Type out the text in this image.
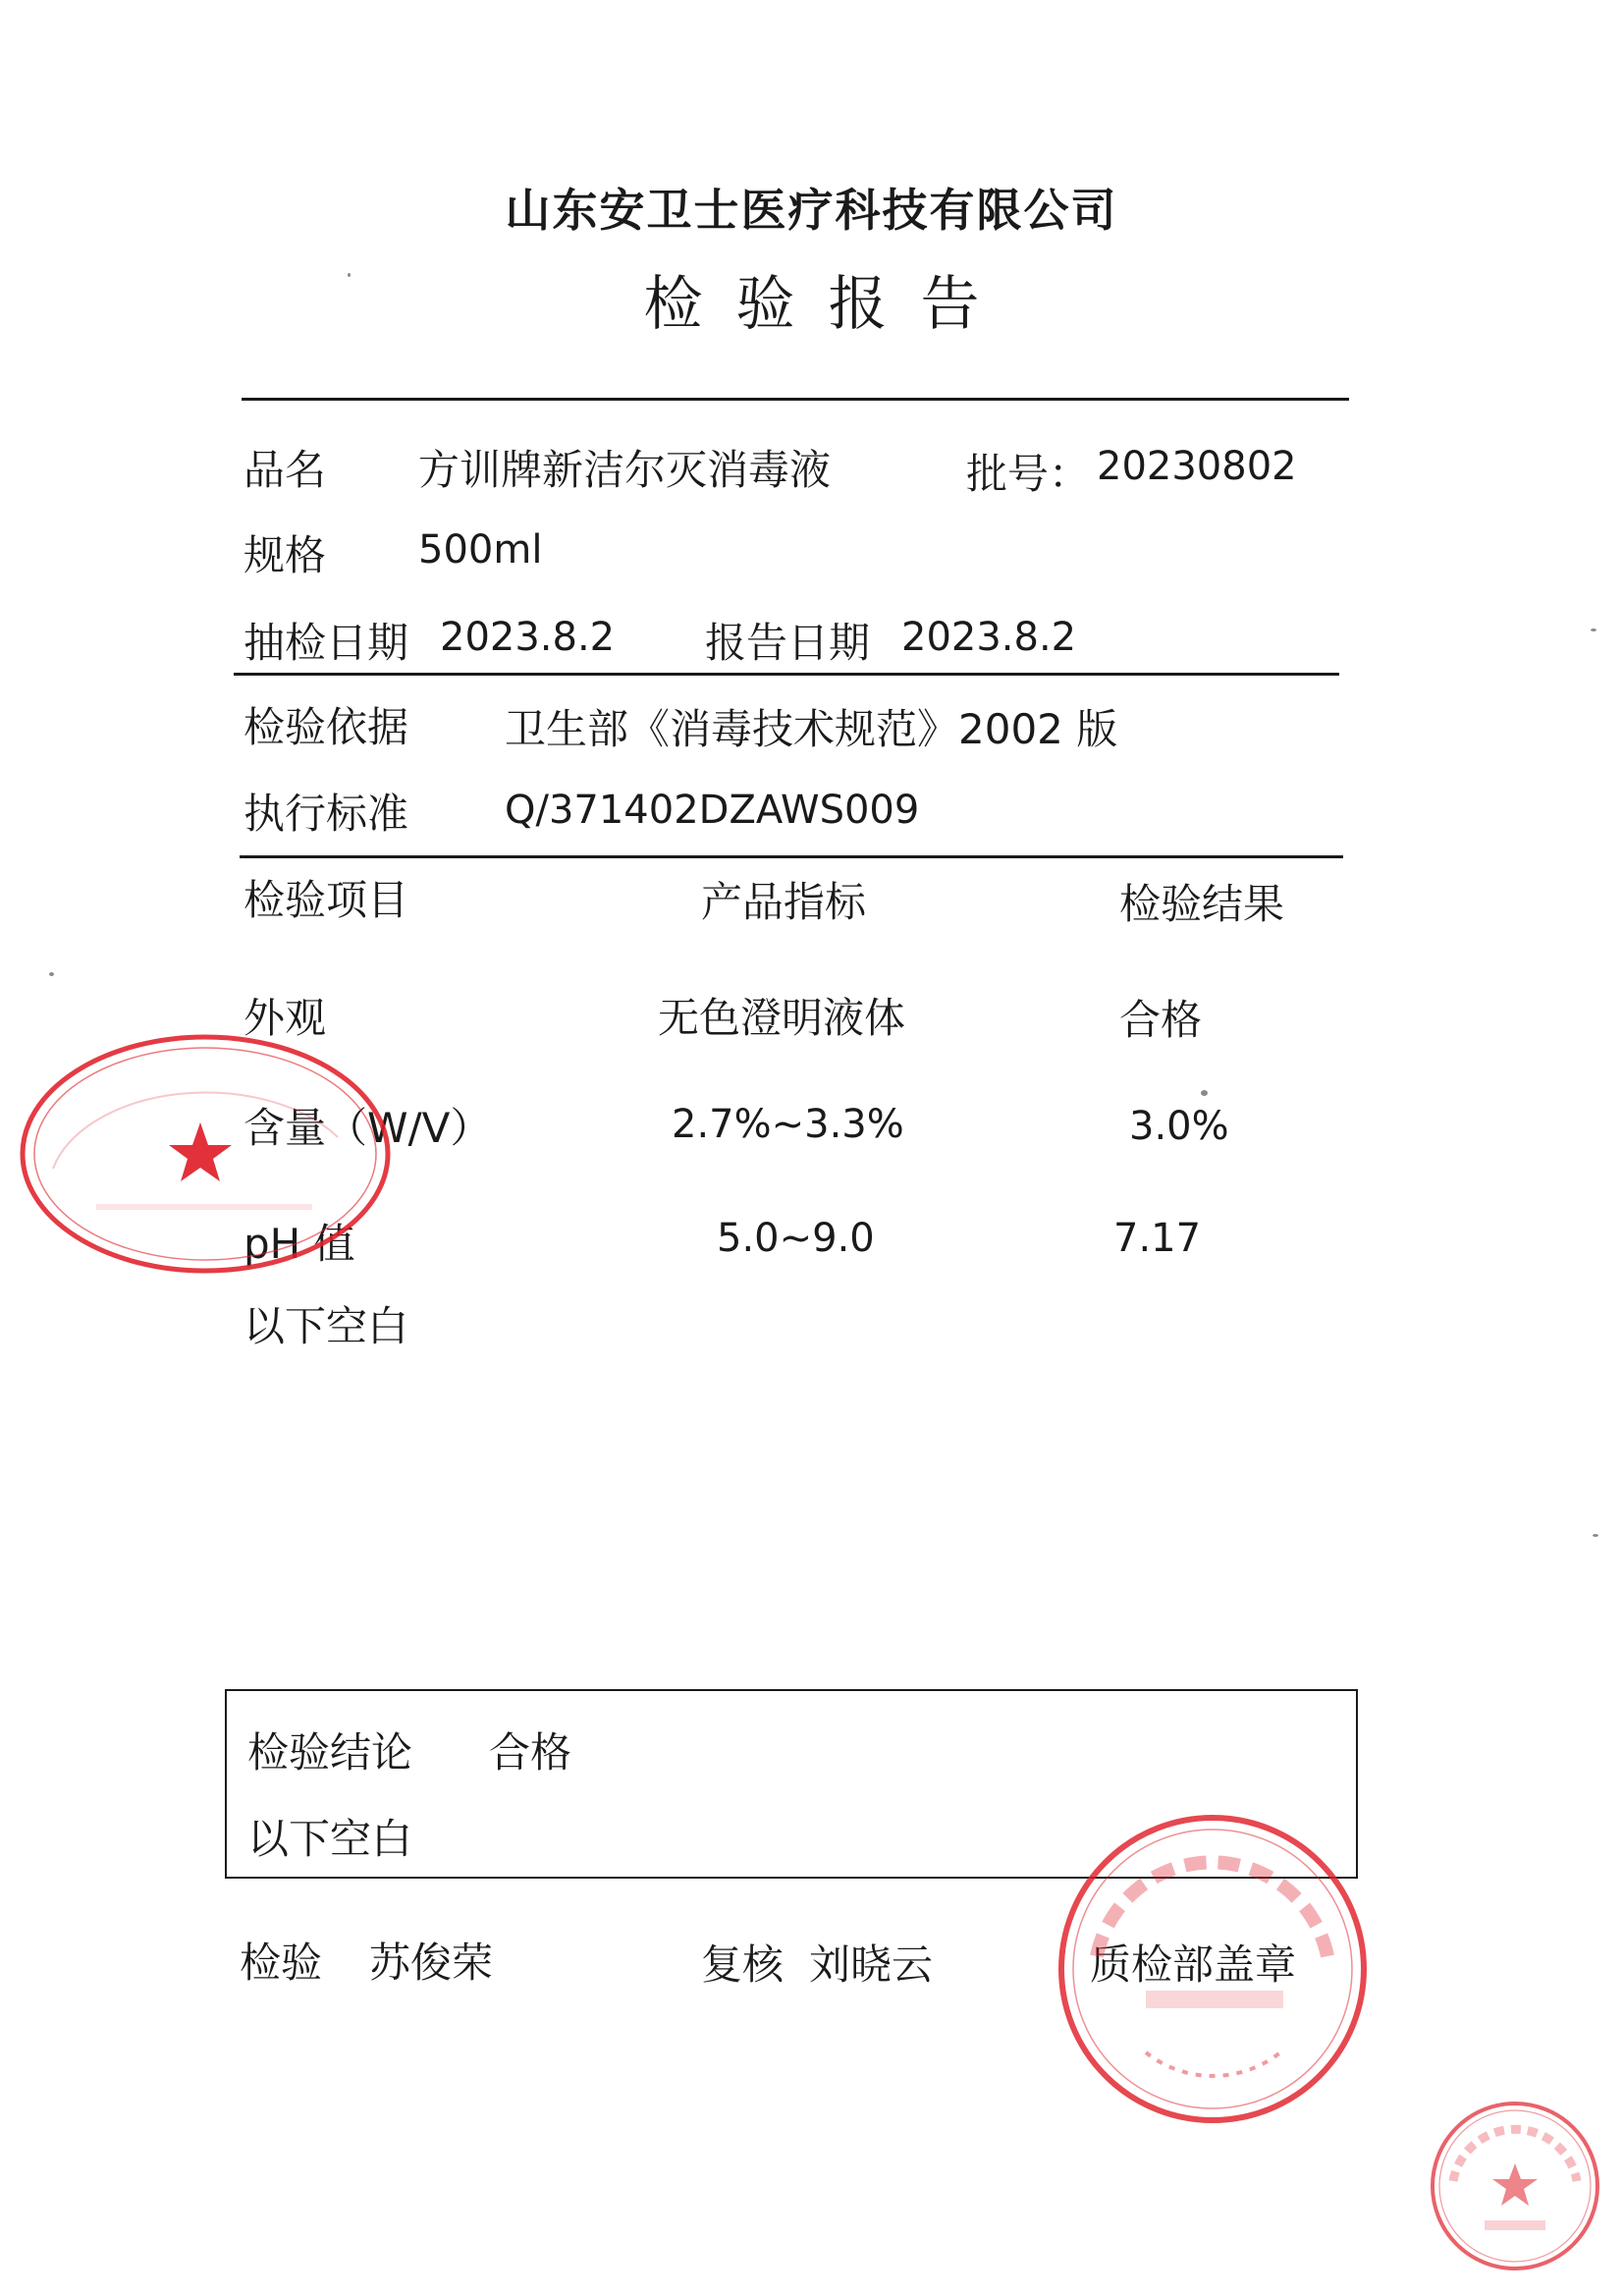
山东安卫士医疗科技有限公司
检验报告
品名 方训牌新洁尔灭消毒液	批号： 20230802
规格 500ml
抽检日期 2023.8.2 报告日期 2023.8.2
检验依据 卫生部《消毒技术规范》2002 版
执行标准 Q/371402DZAWS009
检验项目	产品指标	检验结果
外观	无色澄明液体	合格
含量（W/V）	2.7%~3.3%	3.0%
pH 值	5.0~9.0	7.17
以下空白
检验结论 合格
以下空白
检验 苏俊荣	复核 刘晓云	质检部盖章
